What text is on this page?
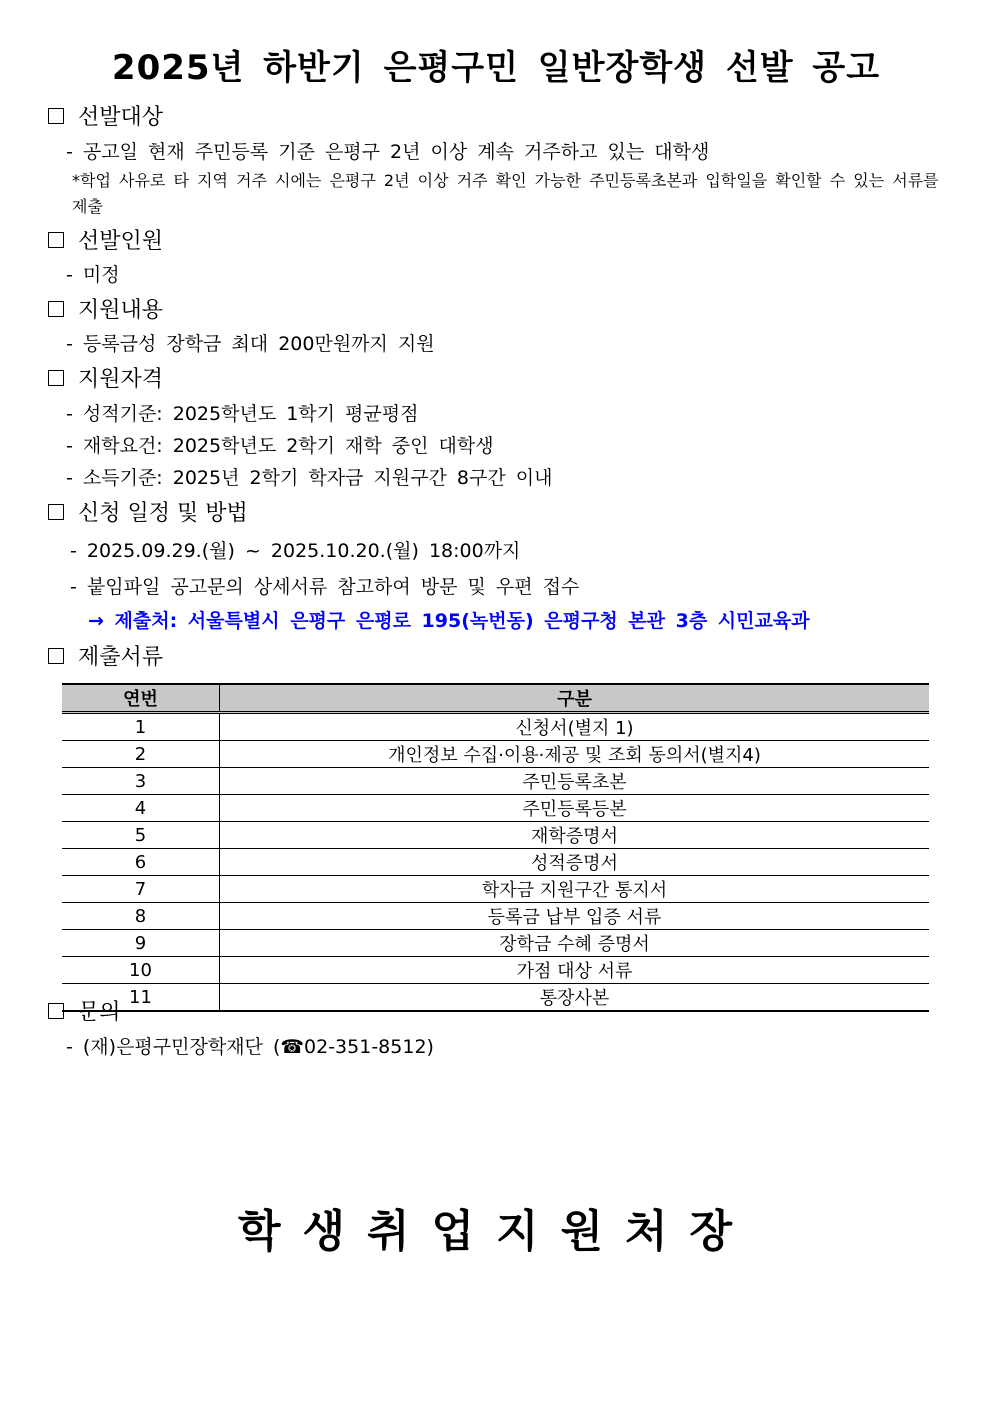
2025년 하반기 은평구민 일반장학생 선발 공고
선발대상
- 공고일 현재 주민등록 기준 은평구 2년 이상 계속 거주하고 있는 대학생
*학업 사유로 타 지역 거주 시에는 은평구 2년 이상 거주 확인 가능한 주민등록초본과 입학일을 확인할 수 있는 서류를 제출
선발인원
- 미정
지원내용
- 등록금성 장학금 최대 200만원까지 지원
지원자격
- 성적기준: 2025학년도 1학기 평균평점
- 재학요건: 2025학년도 2학기 재학 중인 대학생
- 소득기준: 2025년 2학기 학자금 지원구간 8구간 이내
신청 일정 및 방법
- 2025.09.29.(월) ~ 2025.10.20.(월) 18:00까지
- 붙임파일 공고문의 상세서류 참고하여 방문 및 우편 접수
→ 제출처: 서울특별시 은평구 은평로 195(녹번동) 은평구청 본관 3층 시민교육과
제출서류
연번	구분
1	신청서(별지 1)
2	개인정보 수집·이용·제공 및 조회 동의서(별지4)
3	주민등록초본
4	주민등록등본
5	재학증명서
6	성적증명서
7	학자금 지원구간 통지서
8	등록금 납부 입증 서류
9	장학금 수혜 증명서
10	가점 대상 서류
11	통장사본
문의
- (재)은평구민장학재단 (☎02-351-8512)
학생취업지원처장
